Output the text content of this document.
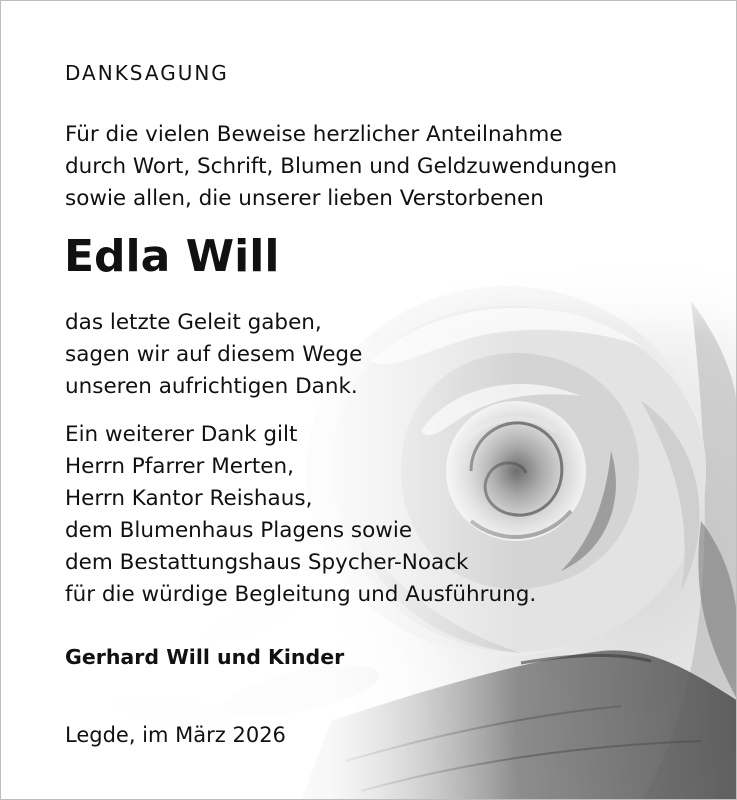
DANKSAGUNG

Für die vielen Beweise herzlicher Anteilnahme
durch Wort, Schrift, Blumen und Geldzuwendungen
sowie allen, die unserer lieben Verstorbenen

Edla Will

das letzte Geleit gaben,
sagen wir auf diesem Wege
unseren aufrichtigen Dank.

Ein weiterer Dank gilt
Herrn Pfarrer Merten,
Herrn Kantor Reishaus,
dem Blumenhaus Plagens sowie
dem Bestattungshaus Spycher-Noack
für die würdige Begleitung und Ausführung.

Gerhard Will und Kinder

Legde, im März 2026
